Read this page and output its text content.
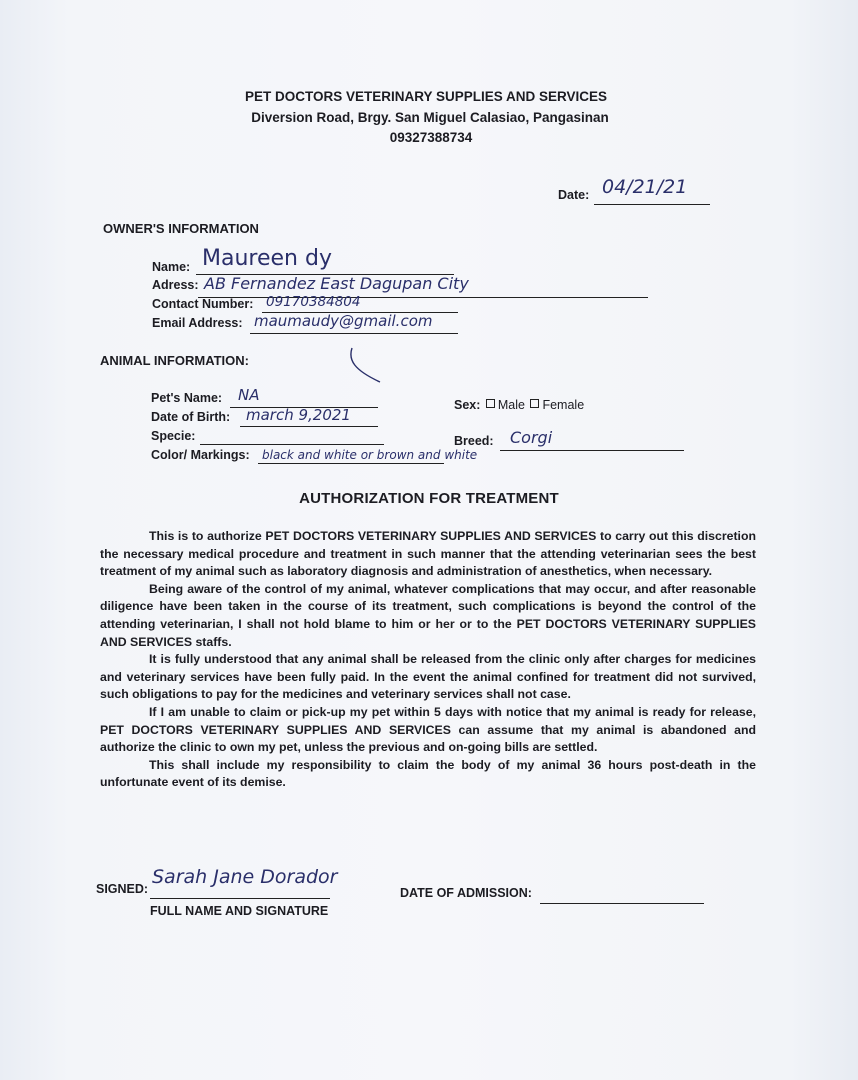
PET DOCTORS VETERINARY SUPPLIES AND SERVICES
Diversion Road, Brgy. San Miguel Calasiao, Pangasinan
09327388734
Date: 04/21/21
OWNER'S INFORMATION
Name: Maureen dy
Adress: AB Fernandez East Dagupan City
Contact Number: 09170384804
Email Address: maumaudy@gmail.com
ANIMAL INFORMATION:
Pet's Name: NA
Date of Birth: march 9,2021
Specie:
Color/ Markings: black and white or brown and white
Sex: Male Female
Breed: Corgi
AUTHORIZATION FOR TREATMENT

This is to authorize PET DOCTORS VETERINARY SUPPLIES AND SERVICES to carry out this discretion the necessary medical procedure and treatment in such manner that the attending veterinarian sees the best treatment of my animal such as laboratory diagnosis and administration of anesthetics, when necessary.

Being aware of the control of my animal, whatever complications that may occur, and after reasonable diligence have been taken in the course of its treatment, such complications is beyond the control of the attending veterinarian, I shall not hold blame to him or her or to the PET DOCTORS VETERINARY SUPPLIES AND SERVICES staffs.

It is fully understood that any animal shall be released from the clinic only after charges for medicines and veterinary services have been fully paid. In the event the animal confined for treatment did not survived, such obligations to pay for the medicines and veterinary services shall not case.

If I am unable to claim or pick-up my pet within 5 days with notice that my animal is ready for release, PET DOCTORS VETERINARY SUPPLIES AND SERVICES can assume that my animal is abandoned and authorize the clinic to own my pet, unless the previous and on-going bills are settled.

This shall include my responsibility to claim the body of my animal 36 hours post-death in the unfortunate event of its demise.

SIGNED:
Sarah Jane Dorador
FULL NAME AND SIGNATURE
DATE OF ADMISSION:
